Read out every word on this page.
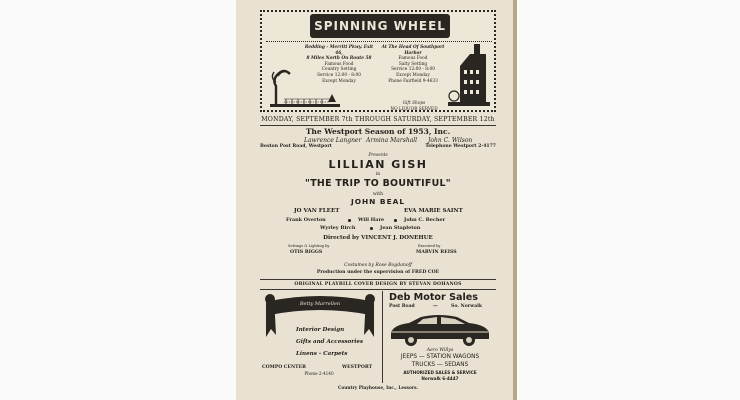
SPINNING WHEEL
Redding - Merritt Pkwy. Exit 46,
8 Miles North On Route 58
Famous Food
Country Setting
Service 12:00 - 8:00
Except Monday
At The Head Of Southport Harbor
Famous Food
Salty Setting
Service 12:00 - 8:00
Except Monday
Phone Fairfield 9-4633
Gift Shops
NO LIQUOR SERVED
MONDAY, SEPTEMBER 7th THROUGH SATURDAY, SEPTEMBER 12th
The Westport Season of 1953, Inc.
Lawrence Langner Armina Marshall John C. Wilson
Boston Post Road, Westport	Telephone Westport 2-4177
Presents
LILLIAN GISH
in
"THE TRIP TO BOUNTIFUL"
with
JOHN BEAL
JO VAN FLEET	EVA MARIE SAINT
Frank Overton	Will Hare	John C. Becher
Wyrley Birch	Jean Stapleton
Directed by VINCENT J. DONEHUE
Settings & Lighting by	Executed by
OTIS RIGGS	MARVIN REISS
Costumes by Rose Bogdanoff
Production under the supervision of FRED COE
ORIGINAL PLAYBILL COVER DESIGN BY STEVAN DOHANOS
Betty Marrellen
Interior Design
Gifts and Accessories
Linens - Carpets
COMPO CENTER	WESTPORT
Phone 2-4140
Deb Motor Sales
Post Road	—	So. Norwalk
Aero Willys
JEEPS — STATION WAGONS
TRUCKS — SEDANS
AUTHORIZED SALES & SERVICE
Norwalk 6-4447
Country Playhouse, Inc., Lessors.
